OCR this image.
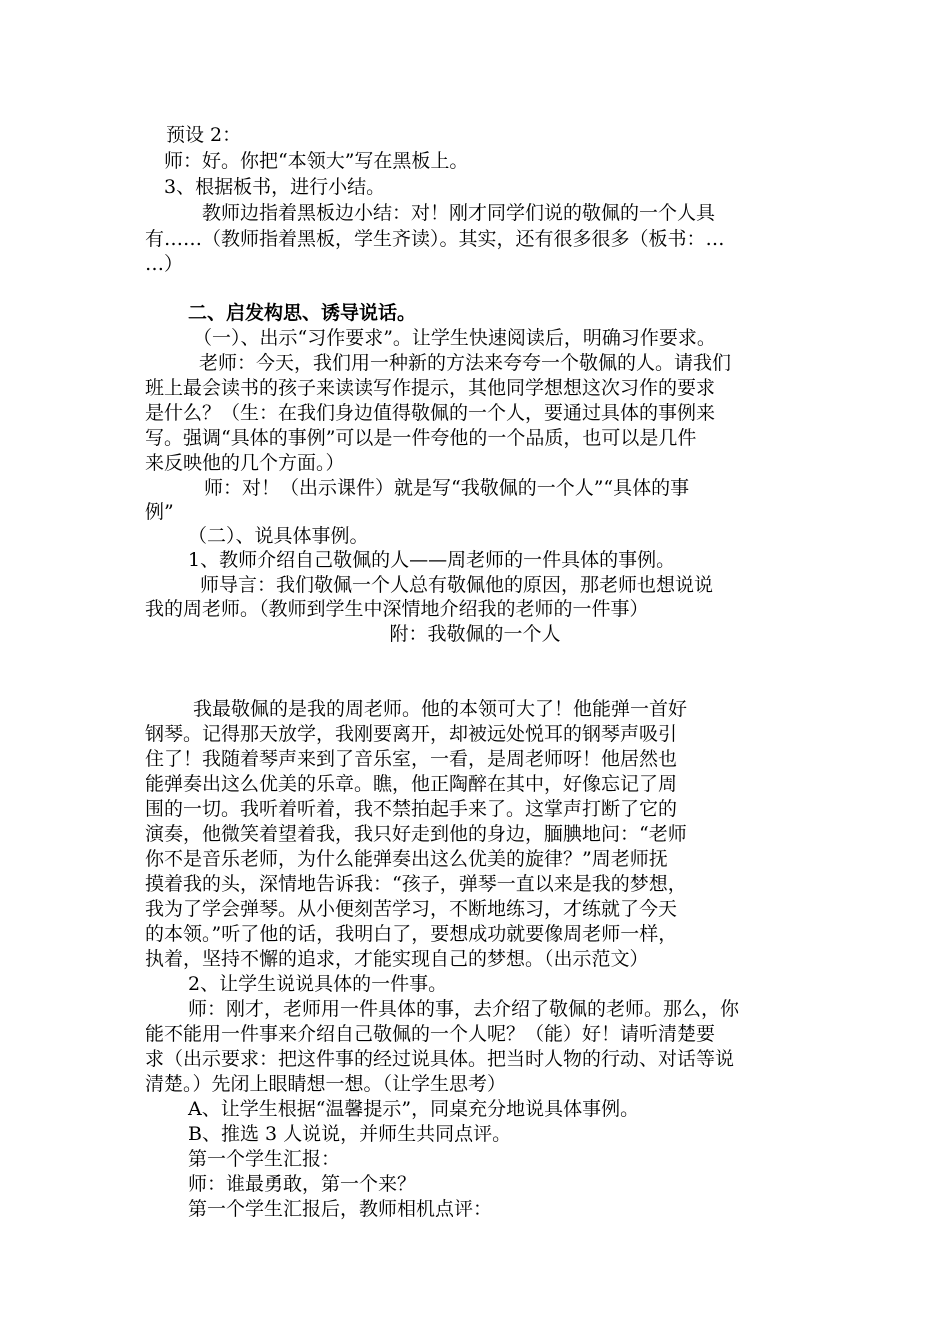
预设 2：

师：好。你把“本领大”写在黑板上。

3、根据板书，进行小结。

教师边指着黑板边小结：对！刚才同学们说的敬佩的一个人具

有……（教师指着黑板，学生齐读）。其实，还有很多很多（板书：…

…）

二、启发构思、诱导说话。

（一）、出示“习作要求”。让学生快速阅读后，明确习作要求。

老师：今天，我们用一种新的方法来夸夸一个敬佩的人。请我们

班上最会读书的孩子来读读写作提示，其他同学想想这次习作的要求

是什么？（生：在我们身边值得敬佩的一个人，要通过具体的事例来

写。强调“具体的事例”可以是一件夸他的一个品质，也可以是几件

来反映他的几个方面。）

师：对！（出示课件）就是写“我敬佩的一个人”“具体的事

例”

（二）、说具体事例。

1、教师介绍自己敬佩的人——周老师的一件具体的事例。

师导言：我们敬佩一个人总有敬佩他的原因，那老师也想说说

我的周老师。（教师到学生中深情地介绍我的老师的一件事）

附：我敬佩的一个人

我最敬佩的是我的周老师。他的本领可大了！他能弹一首好

钢琴。记得那天放学，我刚要离开，却被远处悦耳的钢琴声吸引

住了！我随着琴声来到了音乐室，一看，是周老师呀！他居然也

能弹奏出这么优美的乐章。瞧，他正陶醉在其中，好像忘记了周

围的一切。我听着听着，我不禁拍起手来了。这掌声打断了它的

演奏，他微笑着望着我，我只好走到他的身边，腼腆地问：“老师

你不是音乐老师，为什么能弹奏出这么优美的旋律？”周老师抚

摸着我的头，深情地告诉我：“孩子，弹琴一直以来是我的梦想，

我为了学会弹琴。从小便刻苦学习，不断地练习，才练就了今天

的本领。”听了他的话，我明白了，要想成功就要像周老师一样，

执着，坚持不懈的追求，才能实现自己的梦想。（出示范文）

2、让学生说说具体的一件事。

师：刚才，老师用一件具体的事，去介绍了敬佩的老师。那么，你

能不能用一件事来介绍自己敬佩的一个人呢？（能）好！请听清楚要

求（出示要求：把这件事的经过说具体。把当时人物的行动、对话等说

清楚。）先闭上眼睛想一想。（让学生思考）

A、让学生根据“温馨提示”，同桌充分地说具体事例。

B、推选 3 人说说，并师生共同点评。

第一个学生汇报：

师：谁最勇敢，第一个来？

第一个学生汇报后，教师相机点评：
